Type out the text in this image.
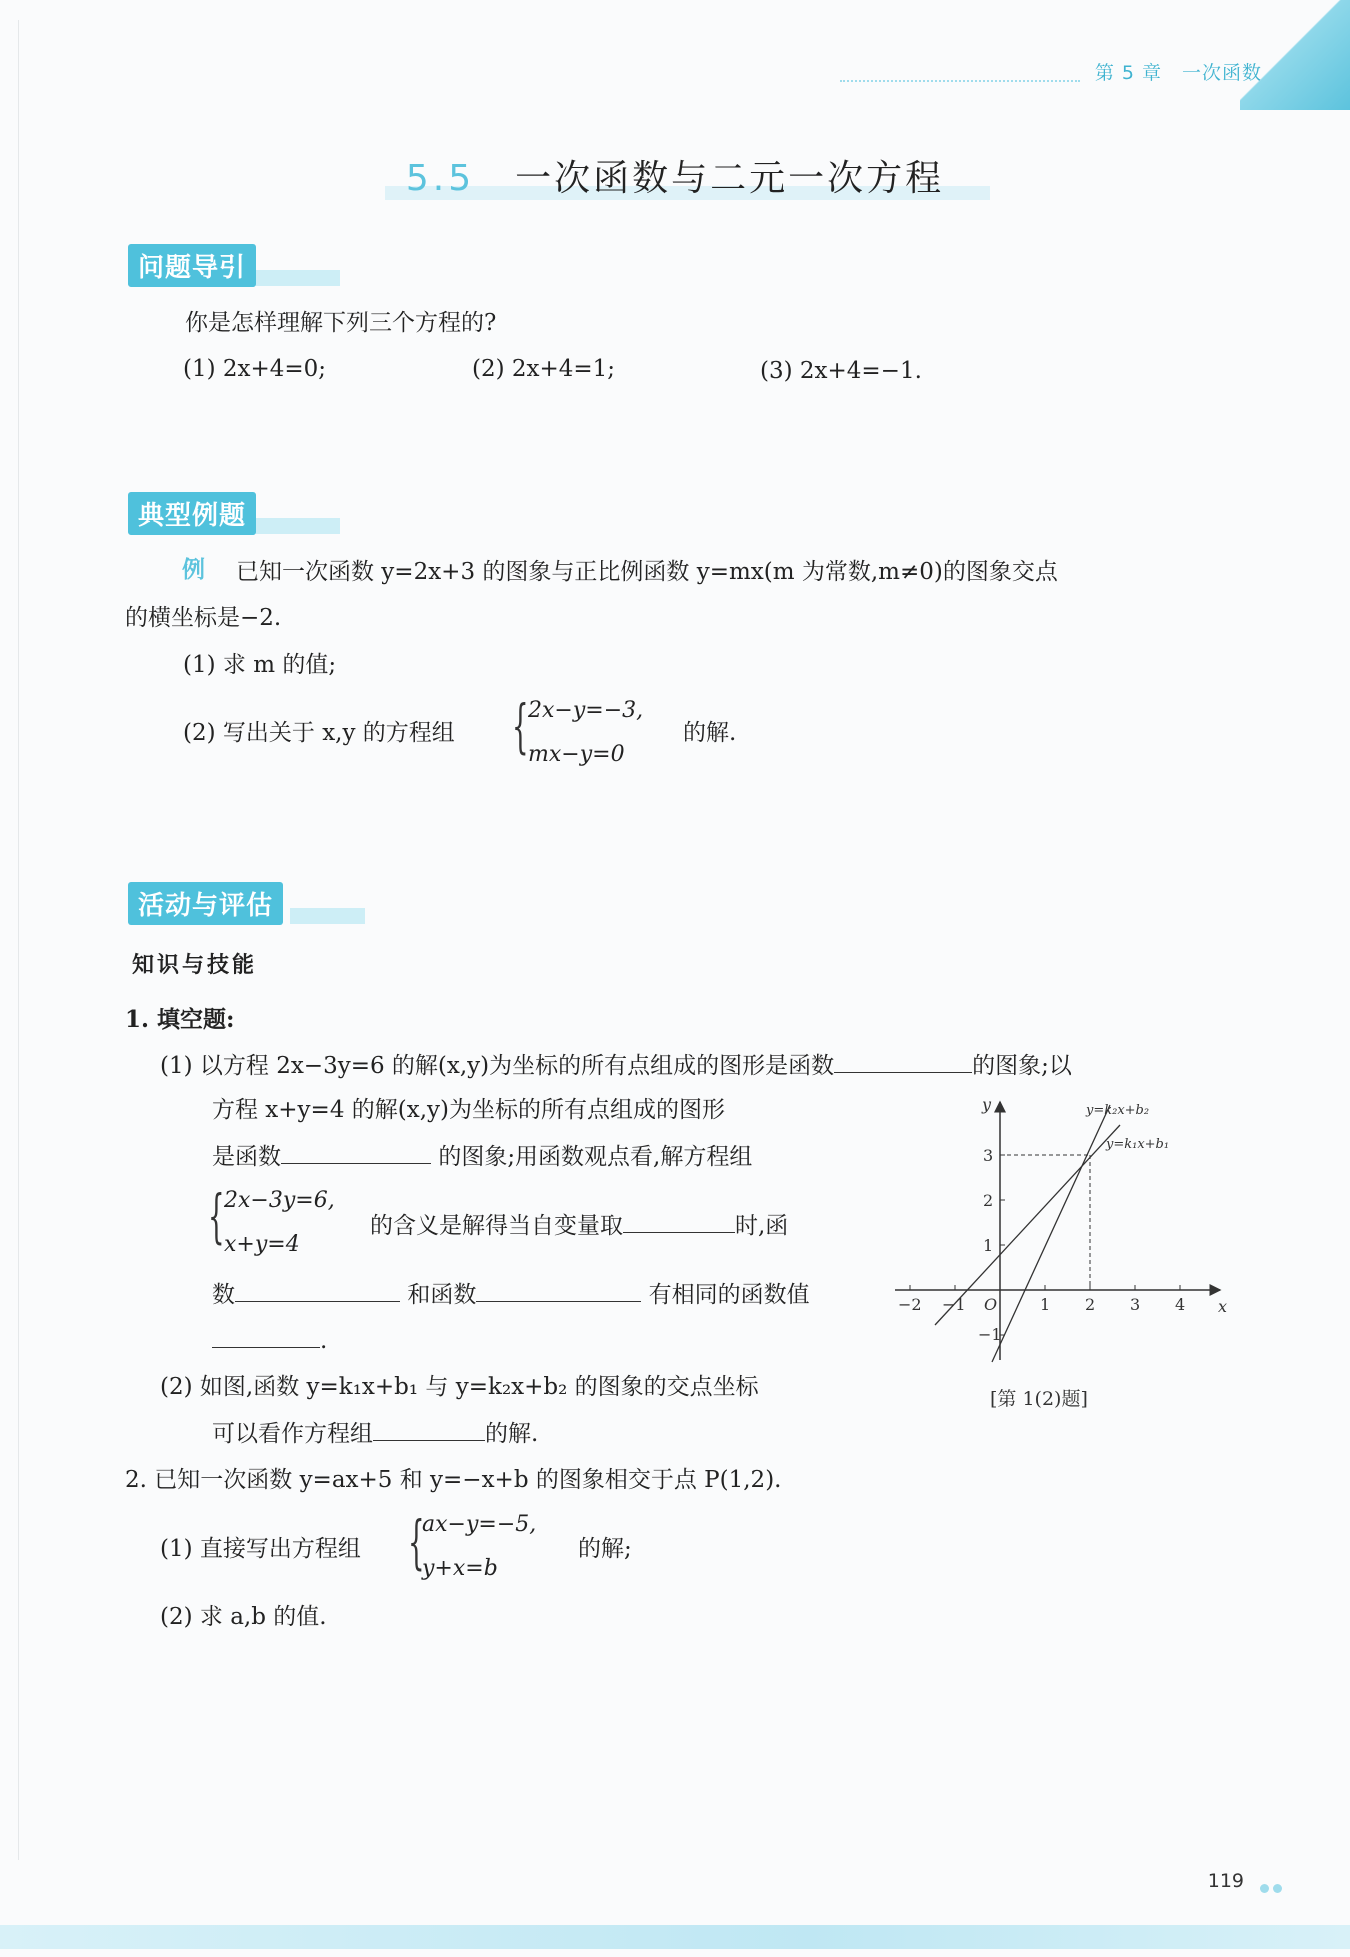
第 5 章　一次函数
5.5 一次函数与二元一次方程
问题导引
你是怎样理解下列三个方程的?
(1) 2x+4=0;	(2) 2x+4=1;	(3) 2x+4=−1.
典型例题
例 已知一次函数 y=2x+3 的图象与正比例函数 y=mx(m 为常数,m≠0)的图象交点
的横坐标是−2.
(1) 求 m 的值;
(2) 写出关于 x,y 的方程组 { 2x−y=−3,
mx−y=0
的解.
活动与评估
知识与技能
1. 填空题:
(1) 以方程 2x−3y=6 的解(x,y)为坐标的所有点组成的图形是函数	的图象;以
方程 x+y=4 的解(x,y)为坐标的所有点组成的图形
是函数	的图象;用函数观点看,解方程组
{ 2x−3y=6,
x+y=4
的含义是解得当自变量取	时,函
数	和函数	有相同的函数值
.
(2) 如图,函数 y=k₁x+b₁ 与 y=k₂x+b₂ 的图象的交点坐标
可以看作方程组	的解.
y
x
O
−2 −1	1 2 3 4
3
2
1
−1
y=k₂x+b₂
y=k₁x+b₁
[第 1(2)题]
2. 已知一次函数 y=ax+5 和 y=−x+b 的图象相交于点 P(1,2).
(1) 直接写出方程组 {
ax−y=−5,
y+x=b
的解;
(2) 求 a,b 的值.
119
